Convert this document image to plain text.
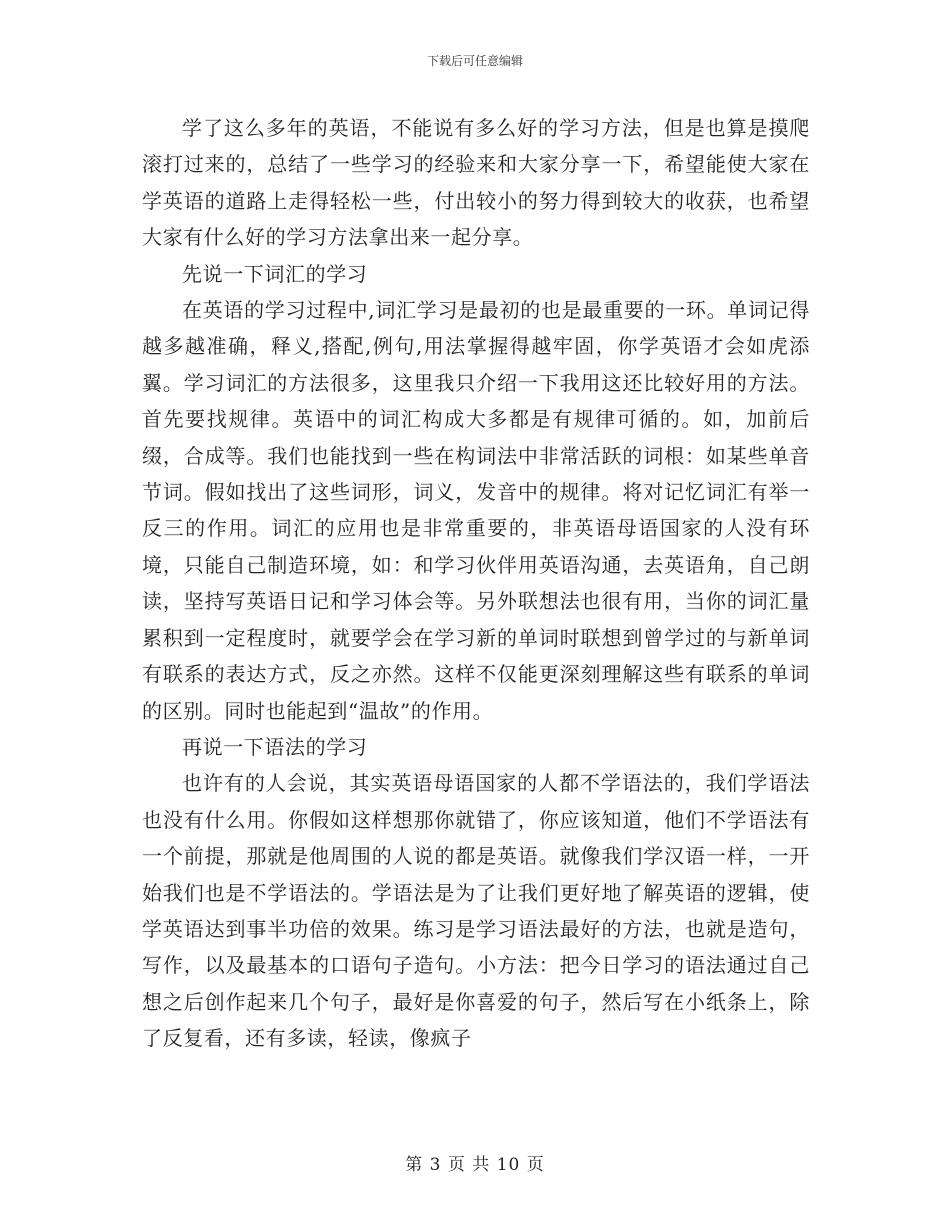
下载后可任意编辑

学了这么多年的英语，不能说有多么好的学习方法，但是也算是摸爬滚打过来的，总结了一些学习的经验来和大家分享一下，希望能使大家在学英语的道路上走得轻松一些，付出较小的努力得到较大的收获，也希望大家有什么好的学习方法拿出来一起分享。

先说一下词汇的学习

在英语的学习过程中,词汇学习是最初的也是最重要的一环。单词记得越多越准确，释义,搭配,例句,用法掌握得越牢固，你学英语才会如虎添翼。学习词汇的方法很多，这里我只介绍一下我用这还比较好用的方法。首先要找规律。英语中的词汇构成大多都是有规律可循的。如，加前后缀，合成等。我们也能找到一些在构词法中非常活跃的词根：如某些单音节词。假如找出了这些词形，词义，发音中的规律。将对记忆词汇有举一反三的作用。词汇的应用也是非常重要的，非英语母语国家的人没有环境，只能自己制造环境，如：和学习伙伴用英语沟通，去英语角，自己朗读，坚持写英语日记和学习体会等。另外联想法也很有用，当你的词汇量累积到一定程度时，就要学会在学习新的单词时联想到曾学过的与新单词有联系的表达方式，反之亦然。这样不仅能更深刻理解这些有联系的单词的区别。同时也能起到“温故”的作用。

再说一下语法的学习

也许有的人会说，其实英语母语国家的人都不学语法的，我们学语法也没有什么用。你假如这样想那你就错了，你应该知道，他们不学语法有一个前提，那就是他周围的人说的都是英语。就像我们学汉语一样，一开始我们也是不学语法的。学语法是为了让我们更好地了解英语的逻辑，使学英语达到事半功倍的效果。练习是学习语法最好的方法，也就是造句，写作，以及最基本的口语句子造句。小方法：把今日学习的语法通过自己想之后创作起来几个句子，最好是你喜爱的句子，然后写在小纸条上，除了反复看，还有多读，轻读，像疯子

第 3 页 共 10 页
